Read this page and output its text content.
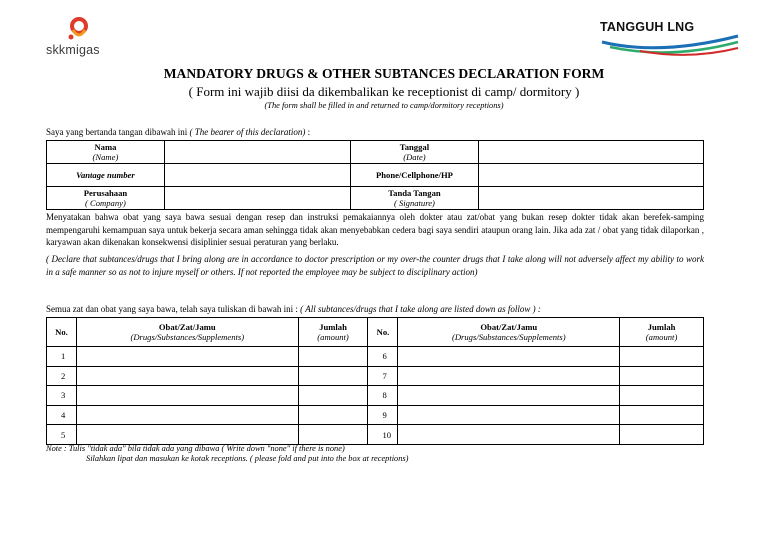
skkmigas
TANGGUH LNG
MANDATORY DRUGS & OTHER SUBTANCES DECLARATION FORM
( Form ini wajib diisi da dikembalikan ke receptionist di camp/ dormitory )
(The form shall be filled in and returned to camp/dormitory receptions)
Saya yang bertanda tangan dibawah ini ( The bearer of this declaration) :
Nama
(Name)		Tanggal
(Date)	
Vantage number		Phone/Cellphone/HP	
Perusahaan
( Company)		Tanda Tangan
( Signature)	
Menyatakan bahwa obat yang saya bawa sesuai dengan resep dan instruksi pemakaiannya oleh dokter atau zat/obat yang bukan resep dokter tidak akan berefek-samping mempengaruhi kemampuan saya untuk bekerja secara aman sehingga tidak akan menyebabkan cedera bagi saya sendiri ataupun orang lain. Jika ada zat / obat yang tidak dilaporkan , karyawan akan dikenakan konsekwensi disiplinier sesuai peraturan yang berlaku.
( Declare that subtances/drugs that I bring along are in accordance to doctor prescription or my over-the counter drugs that I take along will not adversely affect my ability to work in a safe manner so as not to injure myself or others. If not reported the employee may be subject to disciplinary action)
Semua zat dan obat yang saya bawa, telah saya tuliskan di bawah ini : ( All subtances/drugs that I take along are listed down as follow ) :
No.	Obat/Zat/Jamu
(Drugs/Substances/Supplements)	Jumlah
(amount)	No.	Obat/Zat/Jamu
(Drugs/Substances/Supplements)	Jumlah
(amount)
1			6		
2			7		
3			8		
4			9		
5			10		
Note : Tulis "tidak ada" bila tidak ada yang dibawa ( Write down "none" if there is none)
Silahkan lipat dan masukan ke kotak receptions. ( please fold and put into the box at receptions)
